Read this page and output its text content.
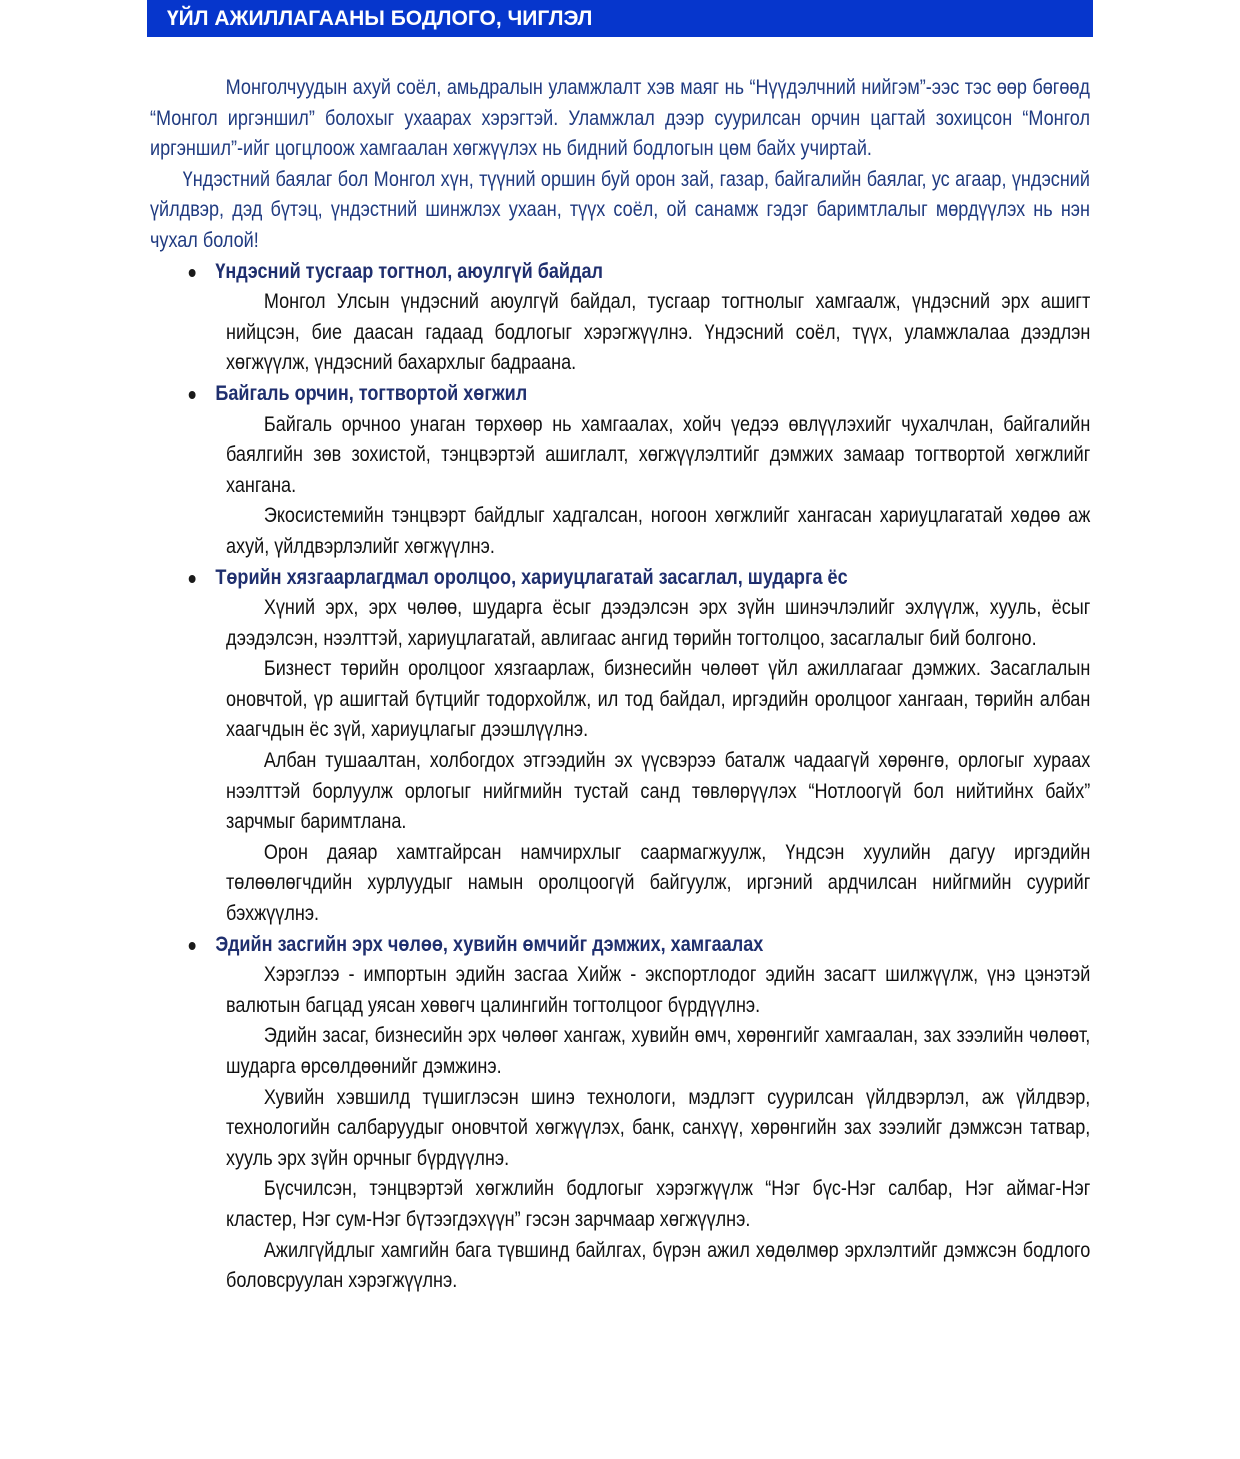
ҮЙЛ АЖИЛЛАГААНЫ БОДЛОГО, ЧИГЛЭЛ

Монголчуудын ахуй соёл, амьдралын уламжлалт хэв маяг нь “Нүүдэлчний нийгэм”-ээс тэс өөр бөгөөд “Монгол иргэншил” болохыг ухаарах хэрэгтэй. Уламжлал дээр суурилсан орчин цагтай зохицсон “Монгол иргэншил”-ийг цогцлоож хамгаалан хөгжүүлэх нь бидний бодлогын цөм байх учиртай.

Үндэстний баялаг бол Монгол хүн, түүний оршин буй орон зай, газар, байгалийн баялаг, ус агаар, үндэсний үйлдвэр, дэд бүтэц, үндэстний шинжлэх ухаан, түүх соёл, ой санамж гэдэг баримтлалыг мөрдүүлэх нь нэн чухал болой!

Үндэсний тусгаар тогтнол, аюулгүй байдал

Монгол Улсын үндэсний аюулгүй байдал, тусгаар тогтнолыг хамгаалж, үндэсний эрх ашигт нийцсэн, бие даасан гадаад бодлогыг хэрэгжүүлнэ. Үндэсний соёл, түүх, уламжлалаа дээдлэн хөгжүүлж, үндэсний бахархлыг бадраана.

Байгаль орчин, тогтвортой хөгжил

Байгаль орчноо унаган төрхөөр нь хамгаалах, хойч үедээ өвлүүлэхийг чухалчлан, байгалийн баялгийн зөв зохистой, тэнцвэртэй ашиглалт, хөгжүүлэлтийг дэмжих замаар тогтвортой хөгжлийг хангана.

Экосистемийн тэнцвэрт байдлыг хадгалсан, ногоон хөгжлийг хангасан хариуцлагатай хөдөө аж ахуй, үйлдвэрлэлийг хөгжүүлнэ.

Төрийн хязгаарлагдмал оролцоо, хариуцлагатай засаглал, шударга ёс

Хүний эрх, эрх чөлөө, шударга ёсыг дээдэлсэн эрх зүйн шинэчлэлийг эхлүүлж, хууль, ёсыг дээдэлсэн, нээлттэй, хариуцлагатай, авлигаас ангид төрийн тогтолцоо, засаглалыг бий болгоно.

Бизнест төрийн оролцоог хязгаарлаж, бизнесийн чөлөөт үйл ажиллагааг дэмжих. Засаглалын оновчтой, үр ашигтай бүтцийг тодорхойлж, ил тод байдал, иргэдийн оролцоог хангаан, төрийн албан хаагчдын ёс зүй, хариуцлагыг дээшлүүлнэ.

Албан тушаалтан, холбогдох этгээдийн эх үүсвэрээ баталж чадаагүй хөрөнгө, орлогыг хураах нээлттэй борлуулж орлогыг нийгмийн тустай санд төвлөрүүлэх “Нотлоогүй бол нийтийнх байх” зарчмыг баримтлана.

Орон даяар хамтгайрсан намчирхлыг саармагжуулж, Үндсэн хуулийн дагуу иргэдийн төлөөлөгчдийн хурлуудыг намын оролцоогүй байгуулж, иргэний ардчилсан нийгмийн суурийг бэхжүүлнэ.

Эдийн засгийн эрх чөлөө, хувийн өмчийг дэмжих, хамгаалах

Хэрэглээ - импортын эдийн засгаа Хийж - экспортлодог эдийн засагт шилжүүлж, үнэ цэнэтэй валютын багцад уясан хөвөгч цалингийн тогтолцоог бүрдүүлнэ.

Эдийн засаг, бизнесийн эрх чөлөөг хангаж, хувийн өмч, хөрөнгийг хамгаалан, зах зээлийн чөлөөт, шударга өрсөлдөөнийг дэмжинэ.

Хувийн хэвшилд түшиглэсэн шинэ технологи, мэдлэгт суурилсан үйлдвэрлэл, аж үйлдвэр, технологийн салбаруудыг оновчтой хөгжүүлэх, банк, санхүү, хөрөнгийн зах зээлийг дэмжсэн татвар, хууль эрх зүйн орчныг бүрдүүлнэ.

Бүсчилсэн, тэнцвэртэй хөгжлийн бодлогыг хэрэгжүүлж “Нэг бүс-Нэг салбар, Нэг аймаг-Нэг кластер, Нэг сум-Нэг бүтээгдэхүүн” гэсэн зарчмаар хөгжүүлнэ.

Ажилгүйдлыг хамгийн бага түвшинд байлгах, бүрэн ажил хөдөлмөр эрхлэлтийг дэмжсэн бодлого боловсруулан хэрэгжүүлнэ.
